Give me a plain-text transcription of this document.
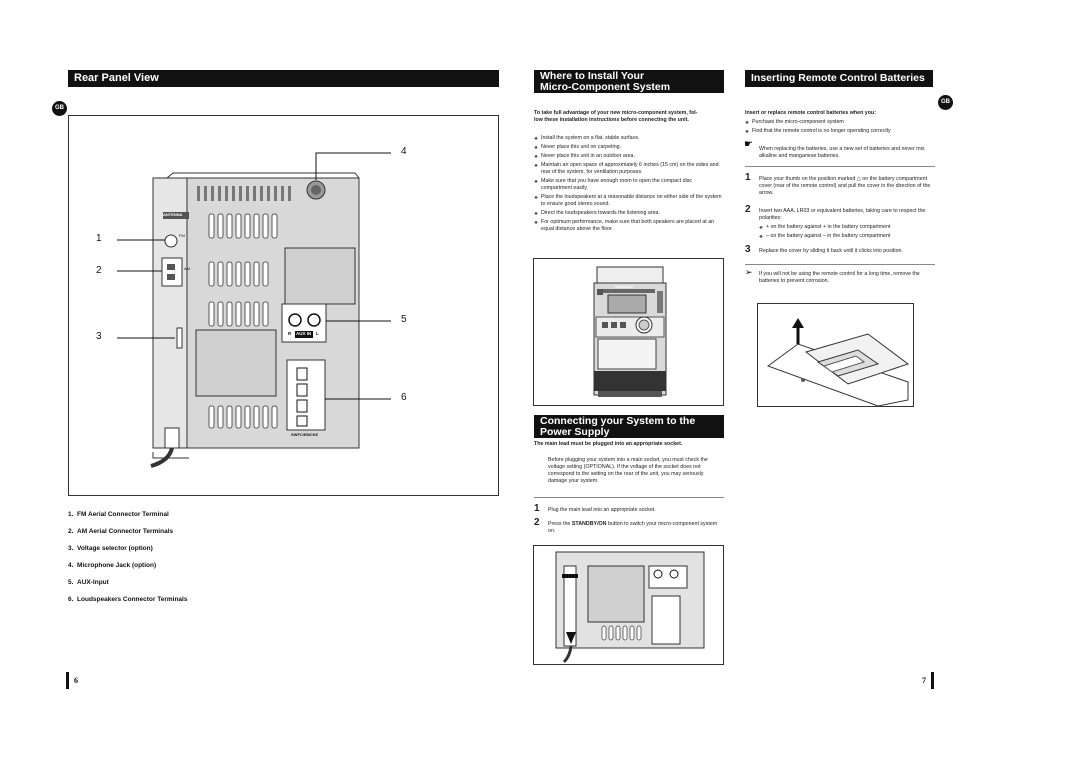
Rear Panel View
GB
1
2
3
4
5
6
ANTENNA
FM
AM
R AUX IN L
SWFC/EMCHZ
1. FM Aerial Connector Terminal
2. AM Aerial Connector Terminals
3. Voltage selector (option)
4. Microphone Jack (option)
5. AUX-Input
6. Loudspeakers Connector Terminals
6
Where to Install Your
Micro-Component System
To take full advantage of your new micro-component system, fol-
low these installation instructions before connecting the unit.
❖ Install the system on a flat, stable surface.
❖ Never place this unit on carpeting.
❖ Never place this unit in an outdoor area.
❖ Maintain an open space of approximately 6 inches (15 cm) on the sides and rear of the system, for ventilation purposes.
❖ Make sure that you have enough room to open the compact disc compartment easily.
❖ Place the loudspeakers at a reasonable distance on either side of the system to ensure good stereo sound.
❖ Direct the loudspeakers towards the listening area.
❖ For optimum performance, make sure that both speakers are placed at an equal distance above the floor.
SAMSUNG
Connecting your System to the
Power Supply
The main lead must be plugged into an appropriate socket.
Before plugging your system into a main socket, you must check the voltage setting (OPTIONAL). If the voltage of the socket does not correspond to the setting on the rear of the unit, you may seriously damage your system.
1 Plug the main lead into an appropriate socket.
2 Press the STANDBY/ON button to switch your micro-component system on.
Inserting Remote Control Batteries
GB
Insert or replace remote control batteries when you:
❖ Purchase the micro-component system
❖ Find that the remote control is no longer operating correctly
☛ When replacing the batteries, use a new set of batteries and never mix alkaline and manganese batteries.
1 Place your thumb on the position marked △ on the battery compartment cover (rear of the remote control) and pull the cover in the direction of the arrow.
2 Insert two AAA, LR03 or equivalent batteries, taking care to respect the polarities:
❖ + on the battery against + in the battery compartment
❖ – on the battery against – in the battery compartment
3 Replace the cover by sliding it back until it clicks into position.
➢ If you will not be using the remote control for a long time, remove the batteries to prevent corrosion.
7
